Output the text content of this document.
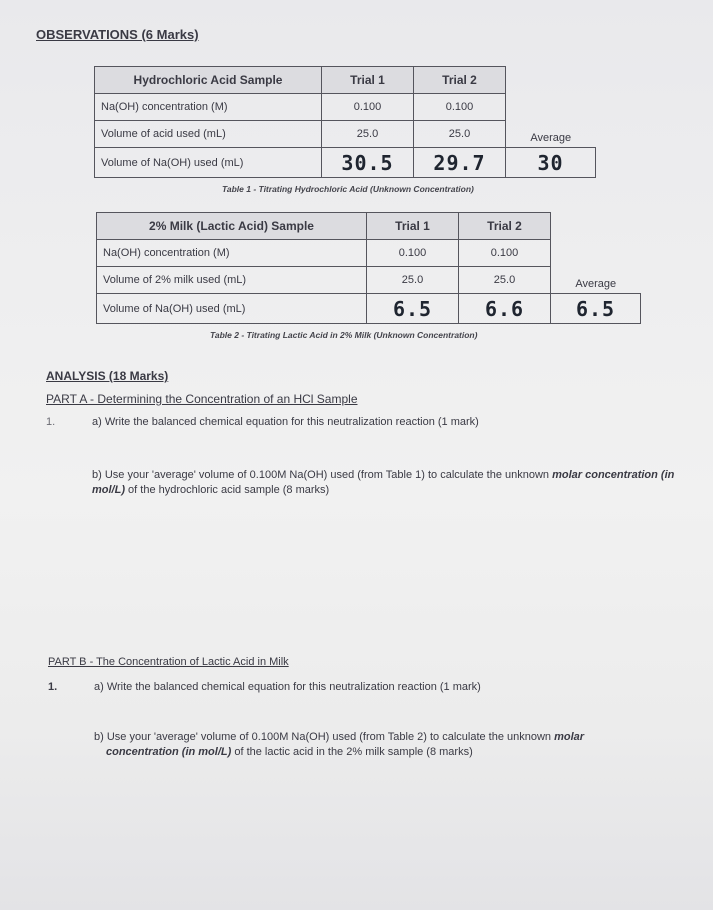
OBSERVATIONS (6 Marks)
Hydrochloric Acid Sample	Trial 1	Trial 2	
Na(OH) concentration (M)	0.100	0.100	
Volume of acid used (mL)	25.0	25.0	Average
Volume of Na(OH) used (mL)	30.5	29.7	30
Table 1 - Titrating Hydrochloric Acid (Unknown Concentration)
2% Milk (Lactic Acid) Sample	Trial 1	Trial 2	
Na(OH) concentration (M)	0.100	0.100	
Volume of 2% milk used (mL)	25.0	25.0	Average
Volume of Na(OH) used (mL)	6.5	6.6	6.5
Table 2 - Titrating Lactic Acid in 2% Milk (Unknown Concentration)
ANALYSIS (18 Marks)
PART A - Determining the Concentration of an HCl Sample
1.	a) Write the balanced chemical equation for this neutralization reaction (1 mark)
b) Use your 'average' volume of 0.100M Na(OH) used (from Table 1) to calculate the unknown molar concentration (in mol/L) of the hydrochloric acid sample (8 marks)
PART B - The Concentration of Lactic Acid in Milk
1.	a) Write the balanced chemical equation for this neutralization reaction (1 mark)
b) Use your 'average' volume of 0.100M Na(OH) used (from Table 2) to calculate the unknown molar
concentration (in mol/L) of the lactic acid in the 2% milk sample (8 marks)
